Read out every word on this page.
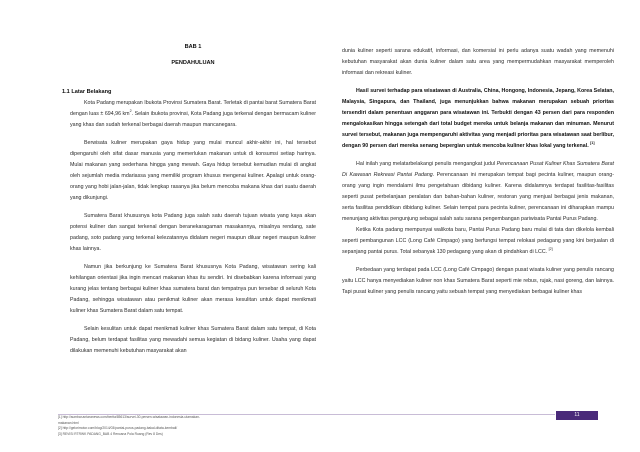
BAB 1
PENDAHULUAN
1.1 Latar Belakang

Kota Padang merupakan Ibukota Provinsi Sumatera Barat. Terletak di pantai barat Sumatera Barat dengan luas ± 694,96 $km^2$. Selain ibukota provinsi, Kota Padang juga terkenal dengan bermacam kuliner yang khas dan sudah terkenal berbagai daerah maupun mancanegara.

Berwisata kuliner merupakan gaya hidup yang mulai muncul akhir-akhir ini, hal tersebut dipengaruhi oleh sifat dasar manusia yang memerlukan makanan untuk di konsumsi setiap harinya. Mulai makanan yang sederhana hingga yang mewah. Gaya hidup tersebut kemudian mulai di angkat oleh sejumlah media mdariassa yang memiliki program khusus mengenai kuliner. Apalagi untuk orang-orang yang hobi jalan-jalan, tidak lengkap rasanya jika belum mencoba makana khas dari suatu daerah yang dikunjungi.

Sumatera Barat khususnya kota Padang juga salah satu daerah tujuan wisata yang kaya akan potensi kuliner dan sangat terkenal dengan beranekaragaman masakannya, misalnya rendang, sate padang, soto padang yang terkenal kelezatannya didalam negeri maupun diluar negeri maupun kuliner khas lainnya.

Namun jika berkunjung ke Sumatera Barat khususnya Kota Padang, wisatawan sering kali kehilangan orientasi jika ingin mencari makanan khas itu sendiri. Ini disebabkan karena informasi yang kurang jelas tentang berbagai kuliner khas sumatera barat dan tempatnya pun tersebar di seluruh Kota Padang, sehingga wisatawan atau penikmat kuliner akan merasa kesulitan untuk dapat menikmati kuliner khas Sumatera Barat dalam satu tempat.

Selain kesulitan untuk dapat menikmati kuliner khas Sumatera Barat dalam satu tempat, di Kota Padang, belum terdapat fasilitas yang mewadahi semua kegiatan di bidang kuliner. Usaha yang dapat dilakukan memenuhi kebutuhan masyarakat akan

dunia kuliner seperti sarana edukatif, informasi, dan komersial ini perlu adanya suatu wadah yang memenuhi kebutuhan masyarakat akan dunia kuliner dalam satu area yang mempermudahkan masyarakat memperoleh informasi dan rekreasi kuliner.

Hasil survei terhadap para wisatawan di Australia, China, Hongong, Indonesia, Jepang, Korea Selatan, Malaysia, Singapura, dan Thailand, juga menunjukkan bahwa makanan merupakan sebuah prioritas tersendiri dalam penentuan anggaran para wisatawan ini. Terbukti dengan 43 persen dari para responden mengalokasikan hingga setengah dari total budget mereka untuk belanja makanan dan minuman. Menurut survei tersebut, makanan juga mempengaruhi aktivitas yang menjadi prioritas para wisatawan saat berlibur, dengan 90 persen dari mereka senang bepergian untuk mencoba kuliner khas lokal yang terkenal. [1]

Hal inilah yang melatarbelakangi penulis mengangkat judul Perencanaan Pusat Kuliner Khas Sumatera Barat Di Kawasan Rekreasi Pantai Padang. Perencanaan ini merupakan tempat bagi pecinta kuliner, maupun orang-orang yang ingin mendalami ilmu pengetahuan dibidang kuliner. Karena didalamnya terdapat fasilitas-fasilitas seperti pusat perbelanjaan peralatan dan bahan-bahan kuliner, restoran yang menjual berbagai jenis makanan, serta fasilitas pendidikan dibidang kuliner. Selain tempat para pecinta kuliner, perencanaan ini diharapkan mampu menunjang aktivitas pengunjung sebagai salah satu sarana pengembangan pariwisata Pantai Purus Padang.

Ketika Kota padang mempunyai walikota baru, Pantai Purus Padang baru mulai di tata dan dikelola kembali seperti pembangunan LCC (Long Café Cimpago) yang berfungsi tempat relokasi pedagang yang kini berjualan di sepanjang pantai purus. Total sebanyak 130 pedagang yang akan di pindahkan di LCC. [2]

Perbedaan yang terdapat pada LCC (Long Café Cimpago) dengan pusat wisata kuliner yang penulis rancang yaitu LCC hanya menyediakan kuliner non khas Sumatera Barat seperti mie rebus, rujak, nasi goreng, dan lainnya. Tapi pusat kuliner yang penulis rancang yaitu sebuah tempat yang menyediakan berbagai kuliner khas

11
[1] http://sumbar.antaranews.com/berita/85613/survei-30-persen-wisatawan-indonesia-utamakan-
makanan.html
[2] http://gelorimotor.com/blog/2014/03/pantai-purus-padang-bakal-ditata-kembali/
[3] REVISI RTRWK PADANG_BAB 4 Rencana Pola Ruang (Rev 8 Des)
